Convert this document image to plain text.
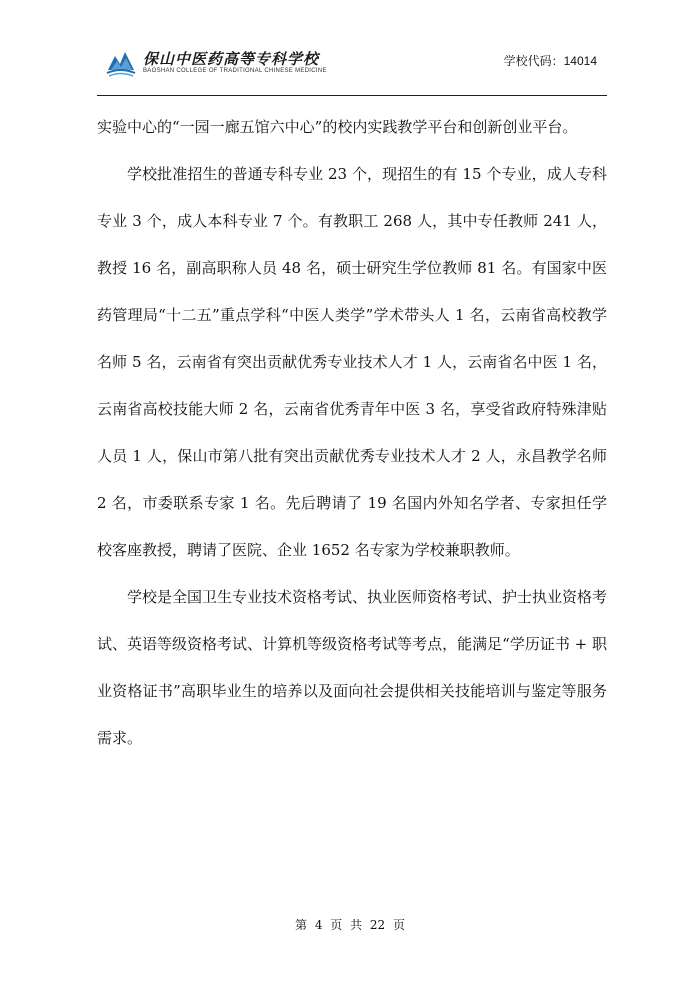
保山中医药高等专科学校
BAOSHAN COLLEGE OF TRADITIONAL CHINESE MEDICINE
学校代码：14014

实验中心的“一园一廊五馆六中心”的校内实践教学平台和创新创业平台。

学校批准招生的普通专科专业 23 个，现招生的有 15 个专业，成人专科专业 3 个，成人本科专业 7 个。有教职工 268 人，其中专任教师 241 人，教授 16 名，副高职称人员 48 名，硕士研究生学位教师 81 名。有国家中医药管理局“十二五”重点学科“中医人类学”学术带头人 1 名，云南省高校教学名师 5 名，云南省有突出贡献优秀专业技术人才 1 人，云南省名中医 1 名，云南省高校技能大师 2 名，云南省优秀青年中医 3 名，享受省政府特殊津贴人员 1 人，保山市第八批有突出贡献优秀专业技术人才 2 人，永昌教学名师 2 名，市委联系专家 1 名。先后聘请了 19 名国内外知名学者、专家担任学校客座教授，聘请了医院、企业 1652 名专家为学校兼职教师。

学校是全国卫生专业技术资格考试、执业医师资格考试、护士执业资格考试、英语等级资格考试、计算机等级资格考试等考点，能满足“学历证书 + 职业资格证书”高职毕业生的培养以及面向社会提供相关技能培训与鉴定等服务需求。

第 4 页 共 22 页
